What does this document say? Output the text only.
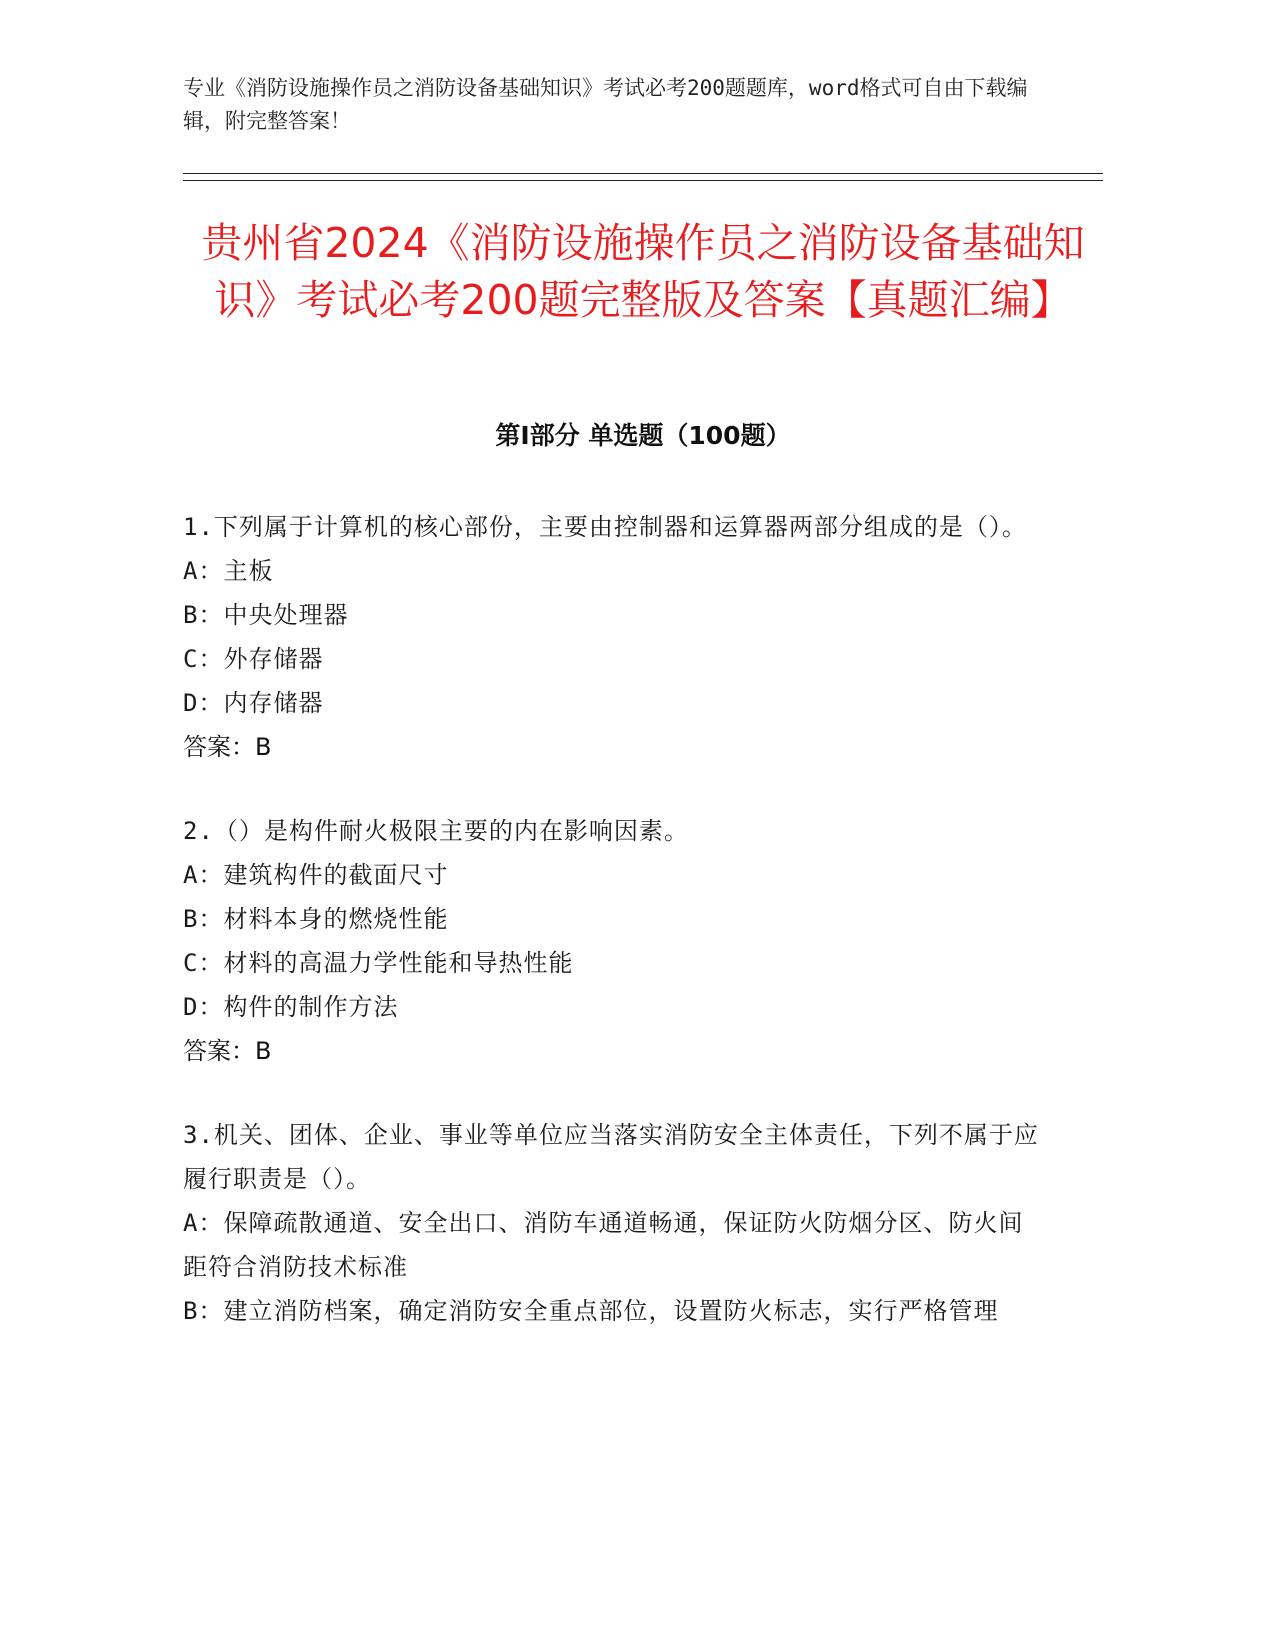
专业《消防设施操作员之消防设备基础知识》考试必考200题题库，word格式可自由下载编辑，附完整答案！

贵州省2024《消防设施操作员之消防设备基础知识》考试必考200题完整版及答案【真题汇编】
第I部分 单选题（100题）

1.下列属于计算机的核心部份，主要由控制器和运算器两部分组成的是（）。

A：主板

B：中央处理器

C：外存储器

D：内存储器

答案：B

2.（）是构件耐火极限主要的内在影响因素。

A：建筑构件的截面尺寸

B：材料本身的燃烧性能

C：材料的高温力学性能和导热性能

D：构件的制作方法

答案：B

3.机关、团体、企业、事业等单位应当落实消防安全主体责任，下列不属于应履行职责是（）。

A：保障疏散通道、安全出口、消防车通道畅通，保证防火防烟分区、防火间距符合消防技术标准

B：建立消防档案，确定消防安全重点部位，设置防火标志，实行严格管理
